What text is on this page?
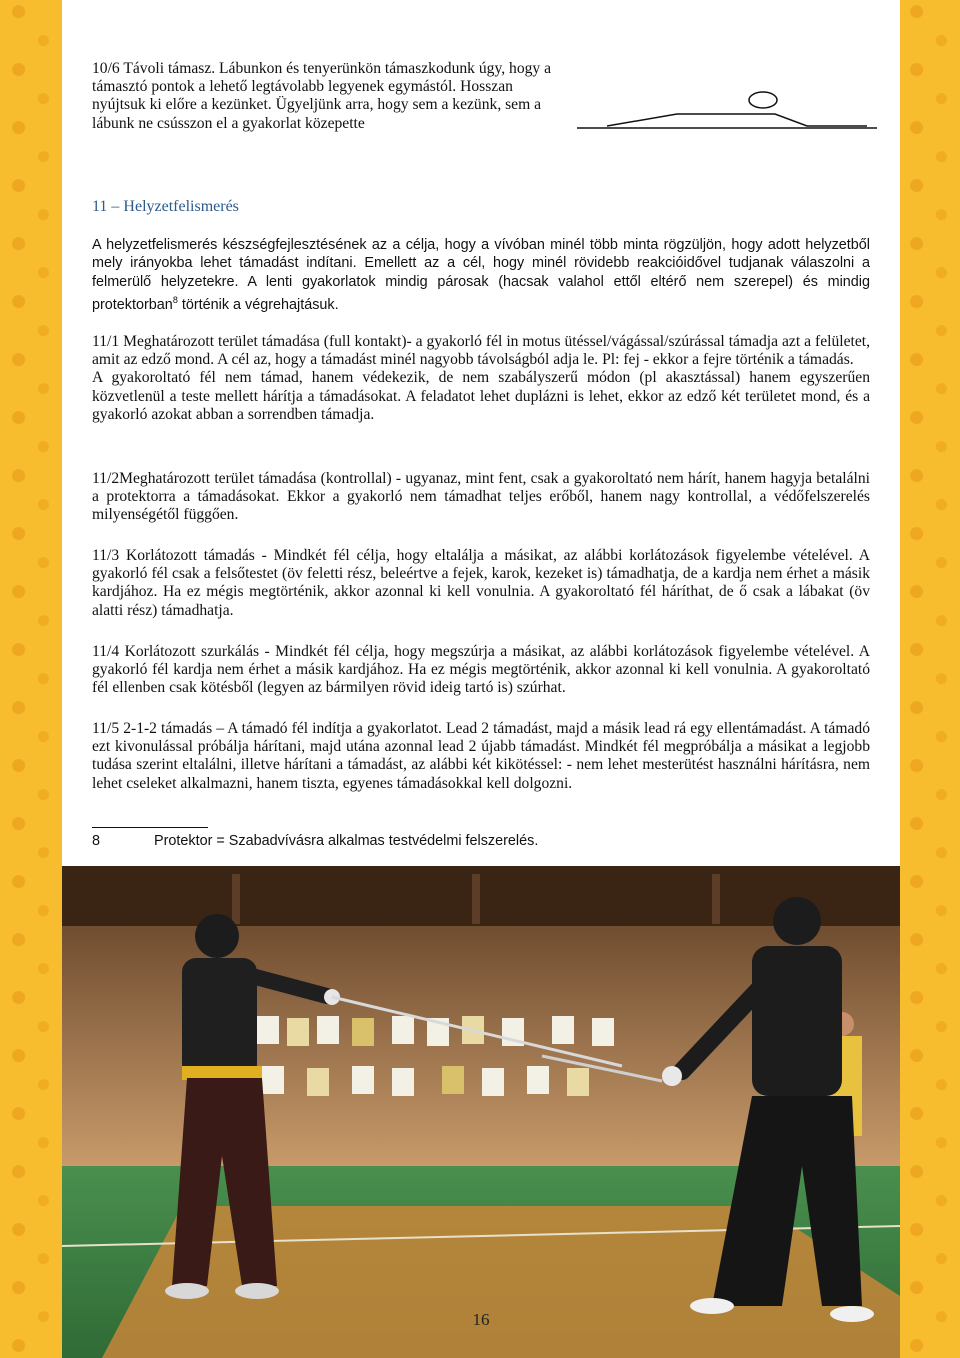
10/6 Távoli támasz. Lábunkon és tenyerünkön támaszkodunk úgy, hogy a támasztó pontok a lehető legtávolabb legyenek egymástól. Hosszan nyújtsuk ki előre a kezünket. Ügyeljünk arra, hogy sem a kezünk, sem a lábunk ne csússzon el a gyakorlat közepette

11 – Helyzetfelismerés
A helyzetfelismerés készségfejlesztésének az a célja, hogy a vívóban minél több minta rögzüljön, hogy adott helyzetből mely irányokba lehet támadást indítani. Emellett az a cél, hogy minél rövidebb reakcióidővel tudjanak válaszolni a felmerülő helyzetekre. A lenti gyakorlatok mindig párosak (hacsak valahol ettől eltérő nem szerepel) és mindig protektorban$^8$ történik a végrehajtásuk.

11/1 Meghatározott terület támadása (full kontakt)- a gyakorló fél in motus ütéssel/vágással/szúrással támadja azt a felületet, amit az edző mond. A cél az, hogy a támadást minél nagyobb távolságból adja le. Pl: fej - ekkor a fejre történik a támadás.

A gyakoroltató fél nem támad, hanem védekezik, de nem szabályszerű módon (pl akasztással) hanem egyszerűen közvetlenül a teste mellett hárítja a támadásokat. A feladatot lehet duplázni is lehet, ekkor az edző két területet mond, és a gyakorló azokat abban a sorrendben támadja.

11/2Meghatározott terület támadása (kontrollal) - ugyanaz, mint fent, csak a gyakoroltató nem hárít, hanem hagyja betalálni a protektorra a támadásokat. Ekkor a gyakorló nem támadhat teljes erőből, hanem nagy kontrollal, a védőfelszerelés milyenségétől függően.

11/3 Korlátozott támadás - Mindkét fél célja, hogy eltalálja a másikat, az alábbi korlátozások figyelembe vételével. A gyakorló fél csak a felsőtestet (öv feletti rész, beleértve a fejek, karok, kezeket is) támadhatja, de a kardja nem érhet a másik kardjához. Ha ez mégis megtörténik, akkor azonnal ki kell vonulnia. A gyakoroltató fél háríthat, de ő csak a lábakat (öv alatti rész) támadhatja.

11/4 Korlátozott szurkálás - Mindkét fél célja, hogy megszúrja a másikat, az alábbi korlátozások figyelembe vételével. A gyakorló fél kardja nem érhet a másik kardjához. Ha ez mégis megtörténik, akkor azonnal ki kell vonulnia. A gyakoroltató fél ellenben csak kötésből (legyen az bármilyen rövid ideig tartó is) szúrhat.

11/5 2-1-2 támadás – A támadó fél indítja a gyakorlatot. Lead 2 támadást, majd a másik lead rá egy ellentámadást. A támadó ezt kivonulással próbálja hárítani, majd utána azonnal lead 2 újabb támadást. Mindkét fél megpróbálja a másikat a legjobb tudása szerint eltalálni, illetve hárítani a támadást, az alábbi két kikötéssel: - nem lehet mesterütést használni hárításra, nem lehet cseleket alkalmazni, hanem tiszta, egyenes támadásokkal kell dolgozni.

8	Protektor = Szabadvívásra alkalmas testvédelmi felszerelés.
16
